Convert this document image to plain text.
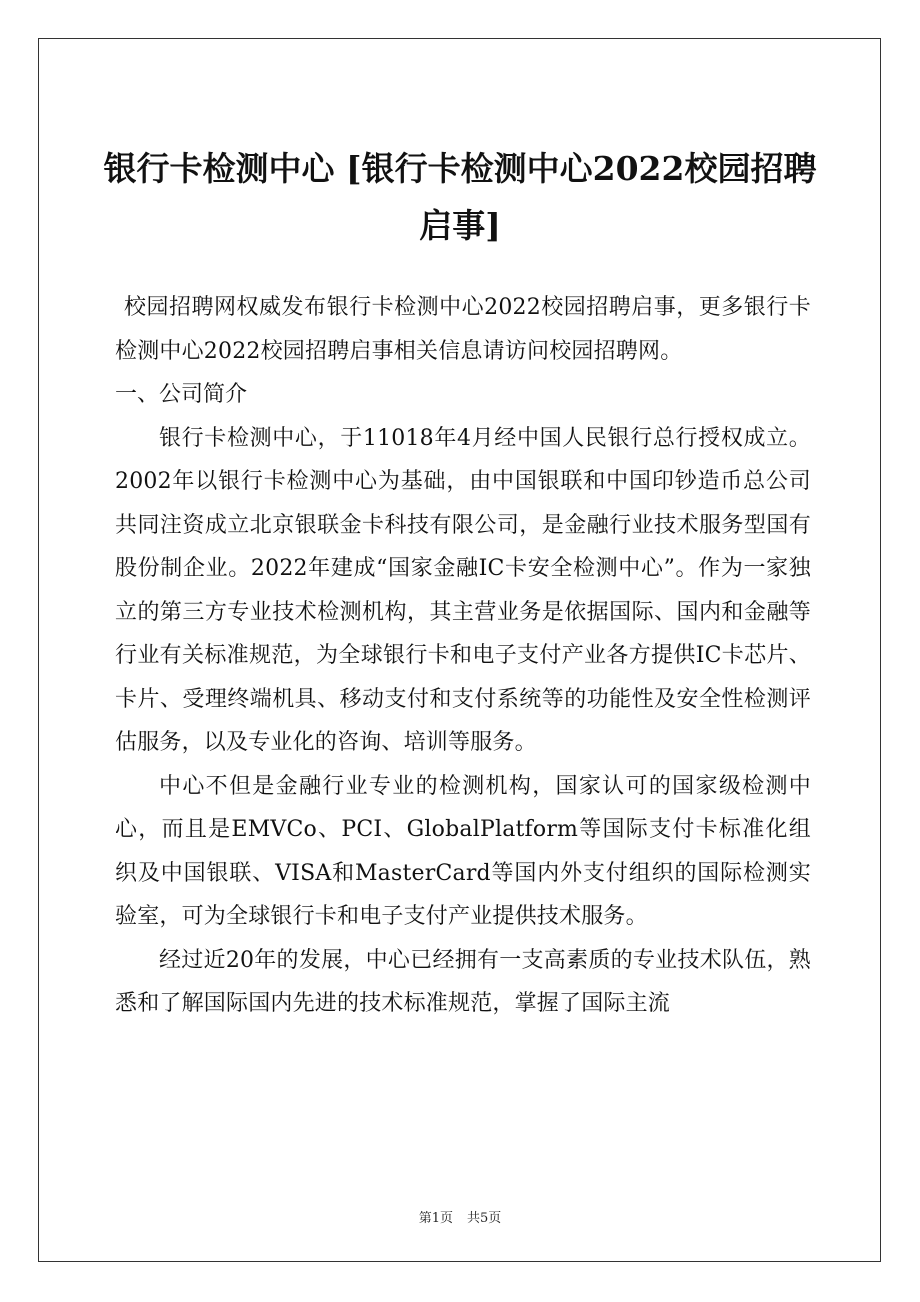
银行卡检测中心 [银行卡检测中心2022校园招聘启事]

校园招聘网权威发布银行卡检测中心2022校园招聘启事，更多银行卡检测中心2022校园招聘启事相关信息请访问校园招聘网。

一、公司简介

银行卡检测中心，于11018年4月经中国人民银行总行授权成立。2002年以银行卡检测中心为基础，由中国银联和中国印钞造币总公司共同注资成立北京银联金卡科技有限公司，是金融行业技术服务型国有股份制企业。2022年建成“国家金融IC卡安全检测中心”。作为一家独立的第三方专业技术检测机构，其主营业务是依据国际、国内和金融等行业有关标准规范，为全球银行卡和电子支付产业各方提供IC卡芯片、卡片、受理终端机具、移动支付和支付系统等的功能性及安全性检测评估服务，以及专业化的咨询、培训等服务。

中心不但是金融行业专业的检测机构，国家认可的国家级检测中心，而且是EMVCo、PCI、GlobalPlatform等国际支付卡标准化组织及中国银联、VISA和MasterCard等国内外支付组织的国际检测实验室，可为全球银行卡和电子支付产业提供技术服务。

经过近20年的发展，中心已经拥有一支高素质的专业技术队伍，熟悉和了解国际国内先进的技术标准规范，掌握了国际主流

第1页 共5页
